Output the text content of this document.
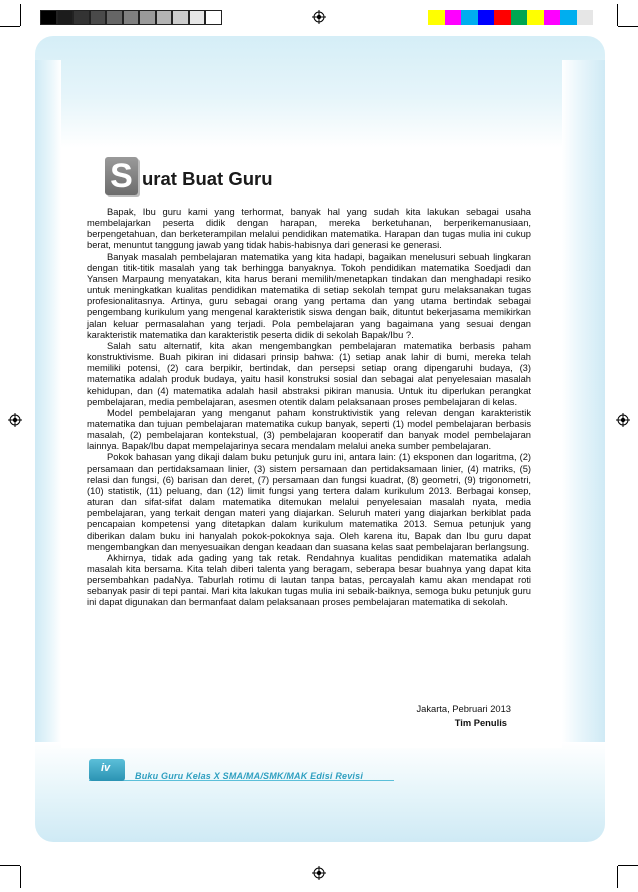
S urat Buat Guru

Bapak, Ibu guru kami yang terhormat, banyak hal yang sudah kita lakukan sebagai usaha membelajarkan peserta didik dengan harapan, mereka berketuhanan, berperikemanusiaan, berpengetahuan, dan berketerampilan melalui pendidikan matematika. Harapan dan tugas mulia ini cukup berat, menuntut tanggung jawab yang tidak habis-habisnya dari generasi ke generasi.

Banyak masalah pembelajaran matematika yang kita hadapi, bagaikan menelusuri sebuah lingkaran dengan titik-titik masalah yang tak berhingga banyaknya. Tokoh pendidikan matematika Soedjadi dan Yansen Marpaung menyatakan, kita harus berani memilih/menetapkan tindakan dan menghadapi resiko untuk meningkatkan kualitas pendidikan matematika di setiap sekolah tempat guru melaksanakan tugas profesionalitasnya. Artinya, guru sebagai orang yang pertama dan yang utama bertindak sebagai pengembang kurikulum yang mengenal karakteristik siswa dengan baik, dituntut bekerjasama memikirkan jalan keluar permasalahan yang terjadi. Pola pembelajaran yang bagaimana yang sesuai dengan karakteristik matematika dan karakteristik peserta didik di sekolah Bapak/Ibu ?.

Salah satu alternatif, kita akan mengembangkan pembelajaran matematika berbasis paham konstruktivisme. Buah pikiran ini didasari prinsip bahwa: (1) setiap anak lahir di bumi, mereka telah memiliki potensi, (2) cara berpikir, bertindak, dan persepsi setiap orang dipengaruhi budaya, (3) matematika adalah produk budaya, yaitu hasil konstruksi sosial dan sebagai alat penyelesaian masalah kehidupan, dan (4) matematika adalah hasil abstraksi pikiran manusia. Untuk itu diperlukan perangkat pembelajaran, media pembelajaran, asesmen otentik dalam pelaksanaan proses pembelajaran di kelas.

Model pembelajaran yang menganut paham konstruktivistik yang relevan dengan karakteristik matematika dan tujuan pembelajaran matematika cukup banyak, seperti (1) model pembelajaran berbasis masalah, (2) pembelajaran kontekstual, (3) pembelajaran kooperatif dan banyak model pembelajaran lainnya. Bapak/Ibu dapat mempelajarinya secara mendalam melalui aneka sumber pembelajaran.

Pokok bahasan yang dikaji dalam buku petunjuk guru ini, antara lain: (1) eksponen dan logaritma, (2) persamaan dan pertidaksamaan linier, (3) sistem persamaan dan pertidaksamaan linier, (4) matriks, (5) relasi dan fungsi, (6) barisan dan deret, (7) persamaan dan fungsi kuadrat, (8) geometri, (9) trigonometri, (10) statistik, (11) peluang, dan (12) limit fungsi yang tertera dalam kurikulum 2013. Berbagai konsep, aturan dan sifat-sifat dalam matematika ditemukan melalui penyelesaian masalah nyata, media pembelajaran, yang terkait dengan materi yang diajarkan. Seluruh materi yang diajarkan berkiblat pada pencapaian kompetensi yang ditetapkan dalam kurikulum matematika 2013. Semua petunjuk yang diberikan dalam buku ini hanyalah pokok-pokoknya saja. Oleh karena itu, Bapak dan Ibu guru dapat mengembangkan dan menyesuaikan dengan keadaan dan suasana kelas saat pembelajaran berlangsung.

Akhirnya, tidak ada gading yang tak retak. Rendahnya kualitas pendidikan matematika adalah masalah kita bersama. Kita telah diberi talenta yang beragam, seberapa besar buahnya yang dapat kita persembahkan padaNya. Taburlah rotimu di lautan tanpa batas, percayalah kamu akan mendapat roti sebanyak pasir di tepi pantai. Mari kita lakukan tugas mulia ini sebaik-baiknya, semoga buku petunjuk guru ini dapat digunakan dan bermanfaat dalam pelaksanaan proses pembelajaran matematika di sekolah.

Jakarta, Pebruari 2013
Tim Penulis
iv
Buku Guru Kelas X SMA/MA/SMK/MAK Edisi Revisi
